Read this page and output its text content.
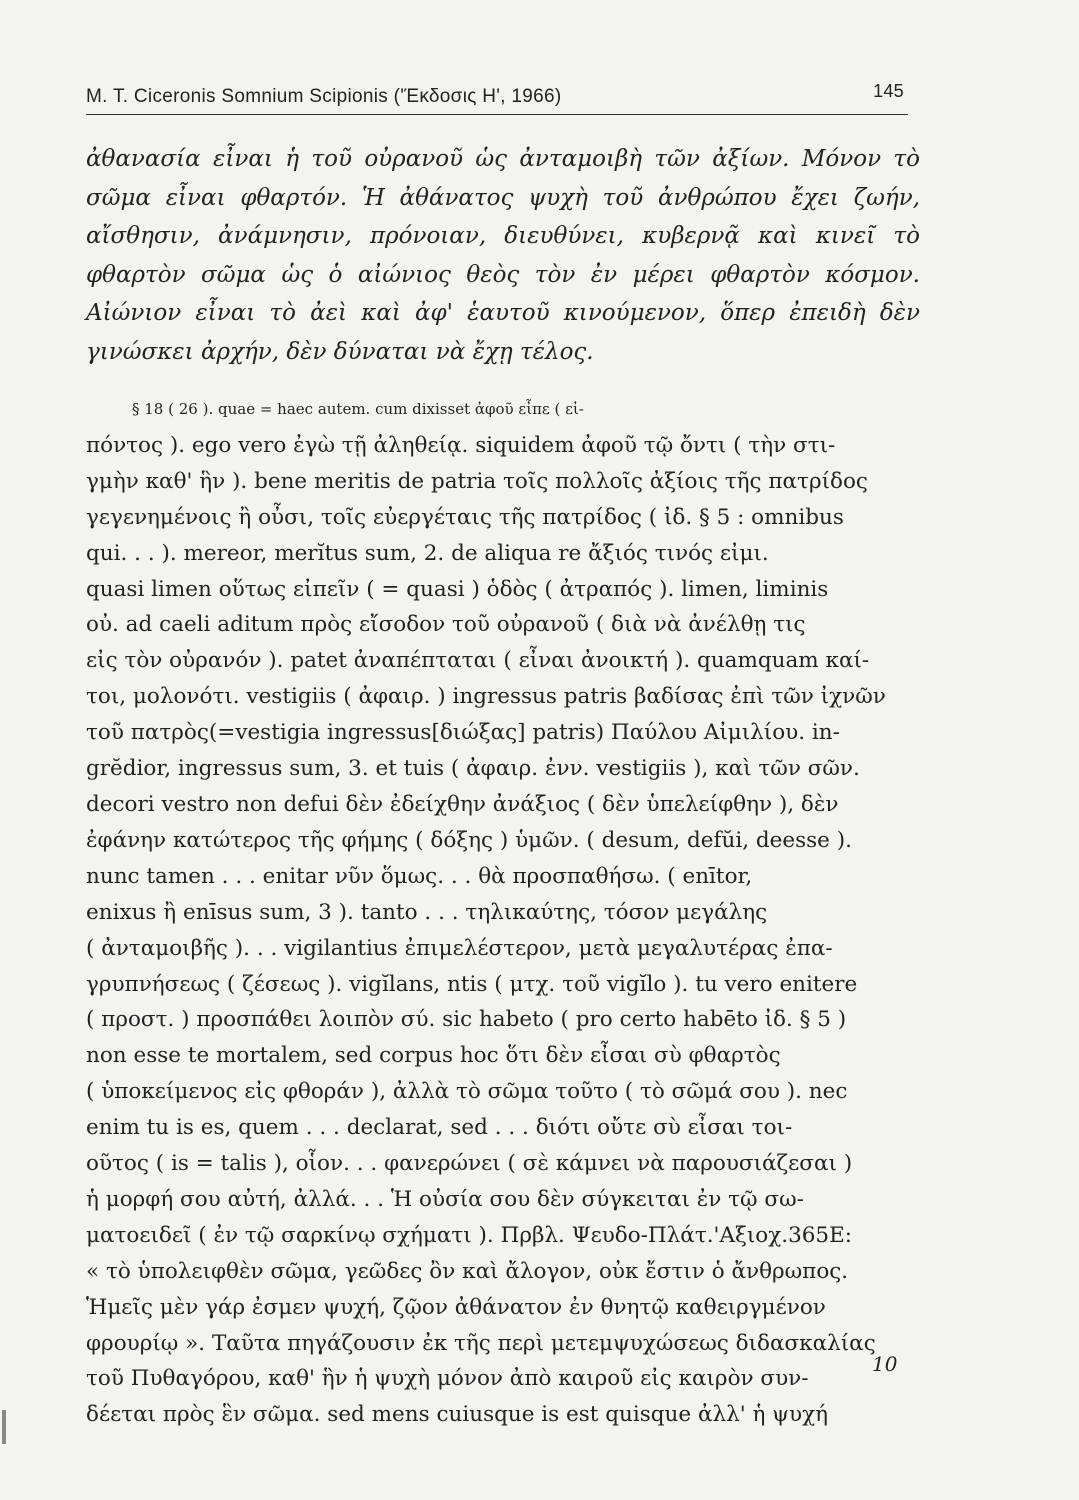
M. T. Ciceronis Somnium Scipionis ('Έκδοσις Η', 1966)	145
ἀθανασία εἶναι ἡ τοῦ οὐρανοῦ ὡς ἀνταμοιβὴ τῶν ἀξίων. Μόνον τὸ σῶμα εἶναι φθαρτόν. Ἡ ἀθάνατος ψυχὴ τοῦ ἀνθρώπου ἔχει ζωήν, αἴσθησιν, ἀνάμνησιν, πρόνοιαν, διευθύνει, κυβερνᾷ καὶ κινεῖ τὸ φθαρτὸν σῶμα ὡς ὁ αἰώνιος θεὸς τὸν ἐν μέρει φθαρτὸν κόσμον. Αἰώνιον εἶναι τὸ ἀεὶ καὶ ἀφ' ἑαυτοῦ κινούμενον, ὅπερ ἐπειδὴ δὲν γινώσκει ἀρχήν, δὲν δύναται νὰ ἔχῃ τέλος.
§ 18 ( 26 ). quae = haec autem. cum dixisset ἀφοῦ εἶπε ( εἰ-
πόντος ). ego vero ἐγὼ τῇ ἀληθείᾳ. siquidem ἀφοῦ τῷ ὄντι ( τὴν στι-
γμὴν καθ' ἣν ). bene meritis de patria τοῖς πολλοῖς ἀξίοις τῆς πατρίδος
γεγενημένοις ἢ οὖσι, τοῖς εὐεργέταις τῆς πατρίδος ( ἰδ. § 5 : omnibus
qui. . . ). mereor, merĭtus sum, 2. de aliqua re ἄξιός τινός εἰμι.
quasi limen οὕτως εἰπεῖν ( = quasi ) ὁδὸς ( ἀτραπός ). limen, liminis
οὐ. ad caeli aditum πρὸς εἴσοδον τοῦ οὐρανοῦ ( διὰ νὰ ἀνέλθῃ τις
εἰς τὸν οὐρανόν ). patet ἀναπέπταται ( εἶναι ἀνοικτή ). quamquam καί-
τοι, μολονότι. vestigiis ( ἀφαιρ. ) ingressus patris βαδίσας ἐπὶ τῶν ἰχνῶν
τοῦ πατρὸς(=vestigia ingressus[διώξας] patris) Παύλου Αἰμιλίου. in-
grĕdior, ingressus sum, 3. et tuis ( ἀφαιρ. ἐνν. vestigiis ), καὶ τῶν σῶν.
decori vestro non defui δὲν ἐδείχθην ἀνάξιος ( δὲν ὑπελείφθην ), δὲν
ἐφάνην κατώτερος τῆς φήμης ( δόξης ) ὑμῶν. ( desum, defŭi, deesse ).
nunc tamen . . . enitar νῦν ὅμως. . . θὰ προσπαθήσω. ( enītor,
enixus ἢ enīsus sum, 3 ). tanto . . . τηλικαύτης, τόσον μεγάλης
( ἀνταμοιβῆς ). . . vigilantius ἐπιμελέστερον, μετὰ μεγαλυτέρας ἐπα-
γρυπνήσεως ( ζέσεως ). vigĭlans, ntis ( μτχ. τοῦ vigĭlo ). tu vero enitere
( προστ. ) προσπάθει λοιπὸν σύ. sic habeto ( pro certo habēto ἰδ. § 5 )
non esse te mortalem, sed corpus hoc ὅτι δὲν εἶσαι σὺ φθαρτὸς
( ὑποκείμενος εἰς φθοράν ), ἀλλὰ τὸ σῶμα τοῦτο ( τὸ σῶμά σου ). nec
enim tu is es, quem . . . declarat, sed . . . διότι οὔτε σὺ εἶσαι τοι-
οῦτος ( is = talis ), οἷον. . . φανερώνει ( σὲ κάμνει νὰ παρουσιάζεσαι )
ἡ μορφή σου αὐτή, ἀλλά. . . Ἡ οὐσία σου δὲν σύγκειται ἐν τῷ σω-
ματοειδεῖ ( ἐν τῷ σαρκίνῳ σχήματι ). Πρβλ. Ψευδο-Πλάτ.'Αξιοχ.365E:
« τὸ ὑπολειφθὲν σῶμα, γεῶδες ὂν καὶ ἄλογον, οὐκ ἔστιν ὁ ἄνθρωπος.
Ἡμεῖς μὲν γάρ ἐσμεν ψυχή, ζῷον ἀθάνατον ἐν θνητῷ καθειργμένον
φρουρίῳ ». Ταῦτα πηγάζουσιν ἐκ τῆς περὶ μετεμψυχώσεως διδασκαλίας
τοῦ Πυθαγόρου, καθ' ἣν ἡ ψυχὴ μόνον ἀπὸ καιροῦ εἰς καιρὸν συν-
δέεται πρὸς ἓν σῶμα. sed mens cuiusque is est quisque ἀλλ' ἡ ψυχή
10
